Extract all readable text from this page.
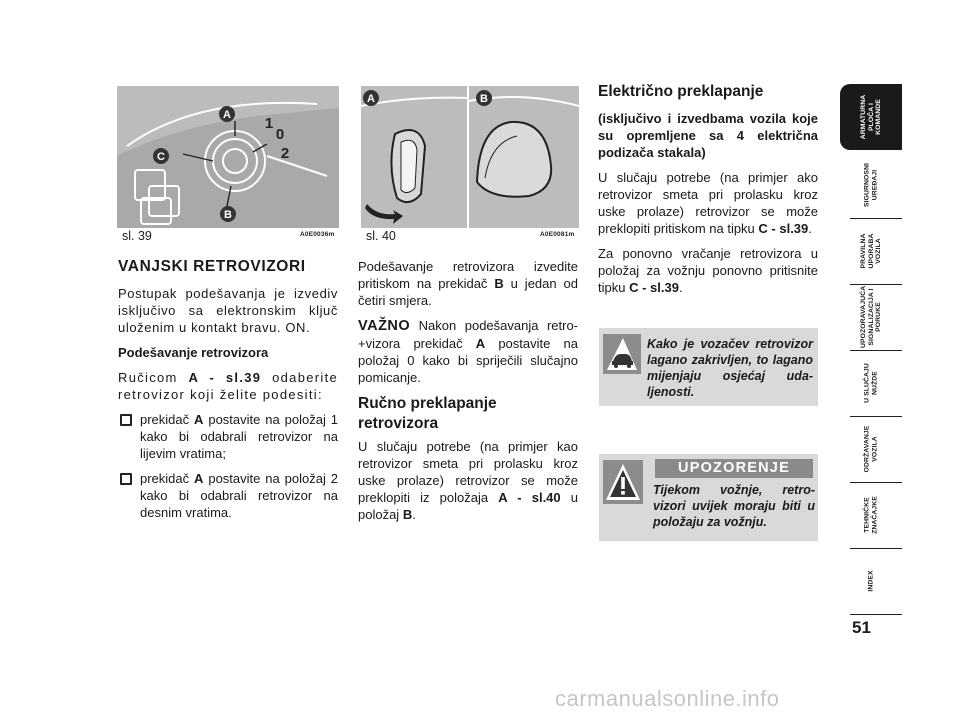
A 1
0
2
C
B
sl. 39	A0E0036m
A	B
sl. 40	A0E0081m
VANJSKI RETROVIZORI

Postupak podešavanja je izvediv isključivo sa elektronskim ključ uloženim u kontakt bravu. ON.

Podešavanje retrovizora

Ručicom A - sl.39 odaberite retrovizor koji želite podesiti:

prekidač A postavite na položaj 1 kako bi odabrali retrovizor na lijevim vratima;
prekidač A postavite na položaj 2 kako bi odabrali retrovizor na desnim vratima.

Podešavanje retrovizora izvedite pritiskom na prekidač B u jedan od četiri smjera.

VAŽNO Nakon podešavanja retro- +vizora prekidač A postavite na položaj 0 kako bi spriječili slučajno pomicanje.

Ručno preklapanje retrovizora

U slučaju potrebe (na primjer kao retrovizor smeta pri prolasku kroz uske prolaze) retrovizor se može preklopiti iz položaja A - sl.40 u položaj B.

Električno preklapanje

(isključivo i izvedbama vozila koje su opremljene sa 4 električna podizača stakala)

U slučaju potrebe (na primjer ako retrovizor smeta pri prolasku kroz uske prolaze) retrovizor se može preklopiti pritiskom na tipku C - sl.39.

Za ponovno vračanje retrovizora u položaj za vožnju ponovno pritisnite tipku C - sl.39.

Kako je vozačev retrovizor lagano zakrivljen, to lagano mijenjaju osjećaj uda- ljenosti.
UPOZORENJE
Tijekom vožnje, retro- vizori uvijek moraju biti u položaju za vožnju.
ARMATURNA
PLOČA I
KOMANDE
SIGURNOSNI
UREĐAJI
PRAVILNA
UPORABA
VOZILA
UPOZORAVAJUĆA
SIGNALIZACIJA I
PORUKE
U SLUČAJU
NUŽDE
ODRŽAVANJE
VOZILA
TEHNIČKE
ZNAČAJKE
INDEX
51
carmanualsonline.info
